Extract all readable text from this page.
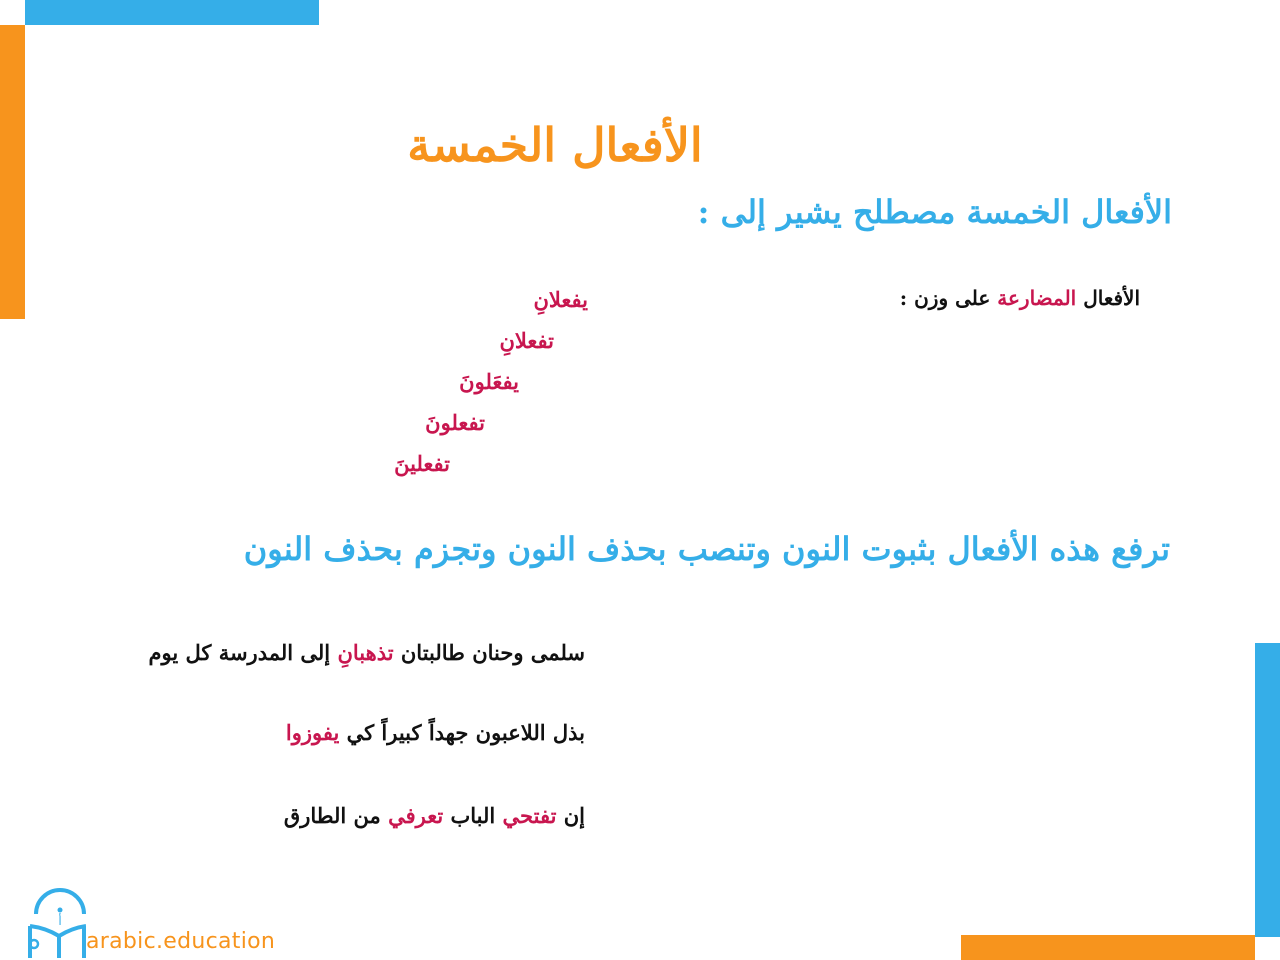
الأفعال الخمسة
الأفعال الخمسة مصطلح يشير إلى :
الأفعال المضارعة على وزن :
يفعلانِ
تفعلانِ
يفعَلونَ
تفعلونَ
تفعلينَ
ترفع هذه الأفعال بثبوت النون وتنصب بحذف النون وتجزم بحذف النون
سلمى وحنان طالبتان تذهبانِ إلى المدرسة كل يوم
بذل اللاعبون جهداً كبيراً كي يفوزوا
إن تفتحي الباب تعرفي من الطارق
أ
arabic.education
